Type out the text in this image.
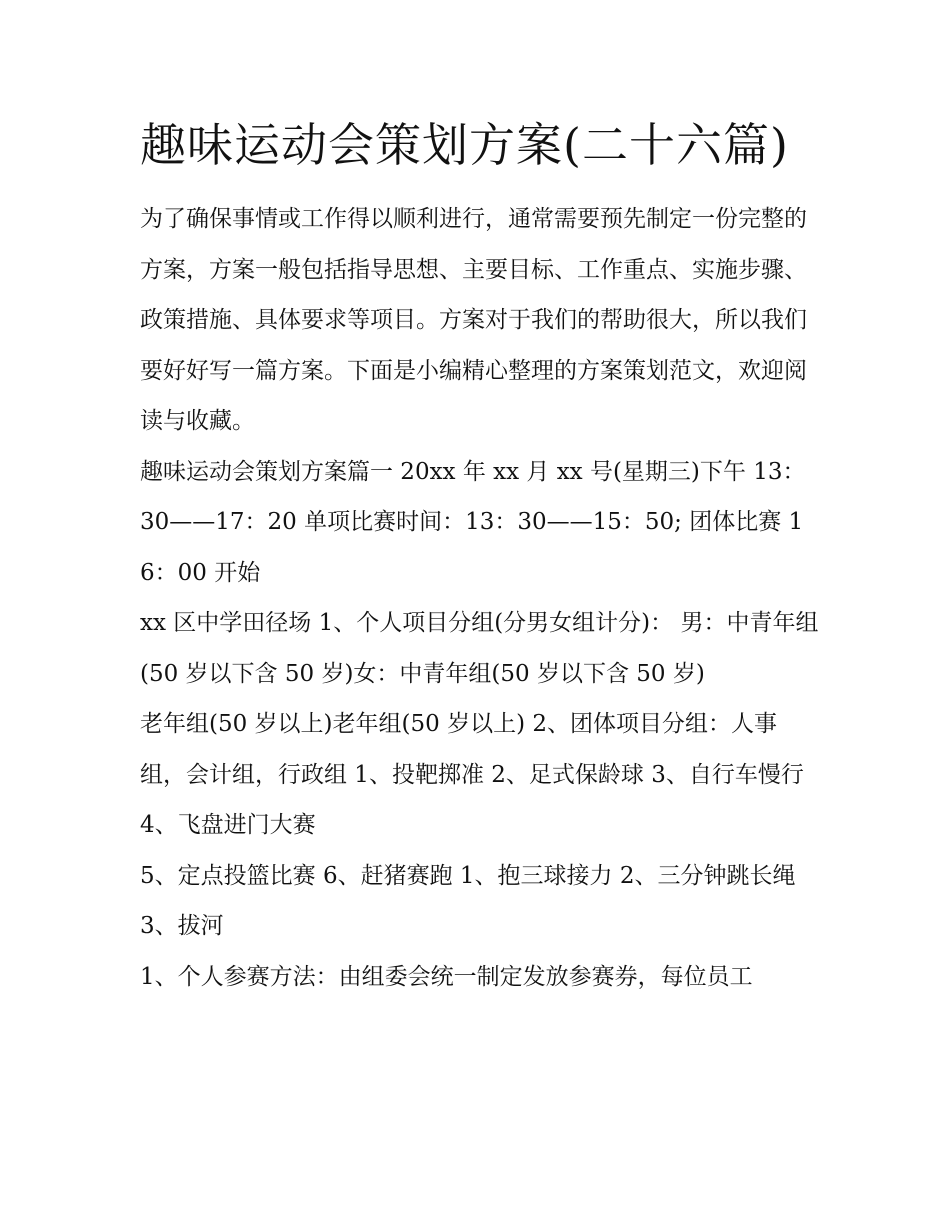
趣味运动会策划方案(二十六篇)

为了确保事情或工作得以顺利进行，通常需要预先制定一份完整的方案，方案一般包括指导思想、主要目标、工作重点、实施步骤、政策措施、具体要求等项目。方案对于我们的帮助很大，所以我们要好好写一篇方案。下面是小编精心整理的方案策划范文，欢迎阅读与收藏。

趣味运动会策划方案篇一 20xx 年 xx 月 xx 号(星期三)下午 13：30——17：20 单项比赛时间：13：30——15：50; 团体比赛 16：00 开始

xx 区中学田径场 1、个人项目分组(分男女组计分)： 男：中青年组(50 岁以下含 50 岁)女：中青年组(50 岁以下含 50 岁)

老年组(50 岁以上)老年组(50 岁以上) 2、团体项目分组：人事组，会计组，行政组 1、投靶掷准 2、足式保龄球 3、自行车慢行 4、飞盘进门大赛

5、定点投篮比赛 6、赶猪赛跑 1、抱三球接力 2、三分钟跳长绳 3、拔河

1、个人参赛方法：由组委会统一制定发放参赛券，每位员工
